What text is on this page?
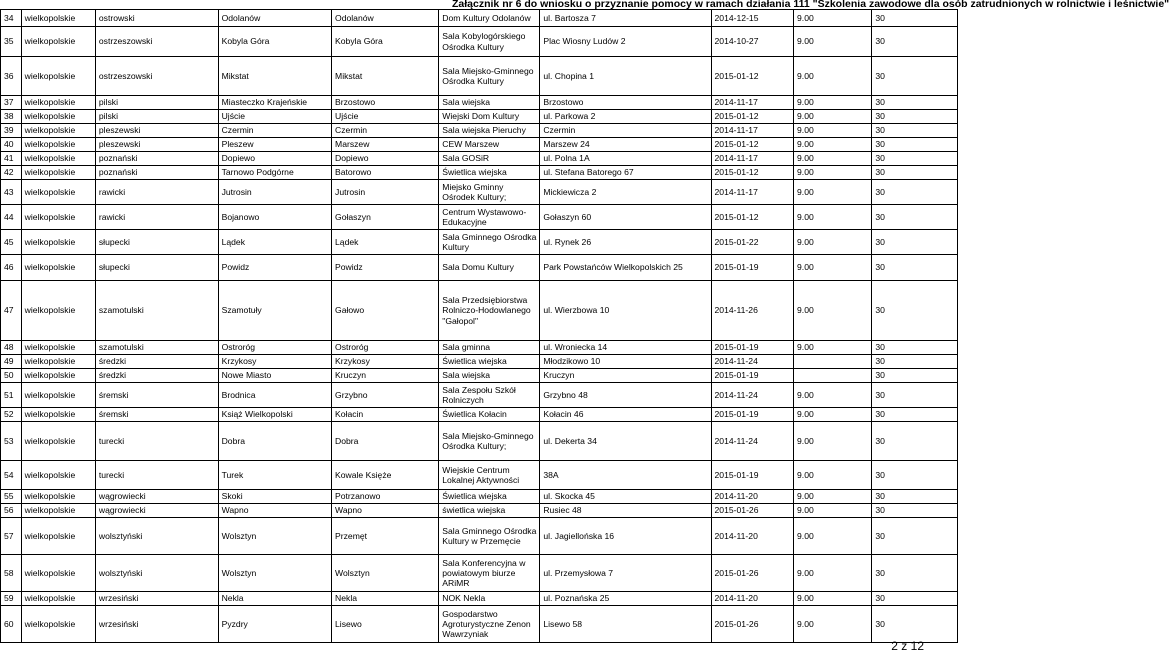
Załącznik nr 6 do wniosku o przyznanie pomocy w ramach działania 111 "Szkolenia zawodowe dla osób zatrudnionych w rolnictwie i leśnictwie"
34	wielkopolskie	ostrowski	Odolanów	Odolanów	Dom Kultury Odolanów	ul. Bartosza 7	2014-12-15	9.00	30
35	wielkopolskie	ostrzeszowski	Kobyla Góra	Kobyla Góra	Sala Kobylogórskiego Ośrodka Kultury	Plac Wiosny Ludów 2	2014-10-27	9.00	30
36	wielkopolskie	ostrzeszowski	Mikstat	Mikstat	Sala Miejsko-Gminnego Ośrodka Kultury	ul. Chopina 1	2015-01-12	9.00	30
37	wielkopolskie	pilski	Miasteczko Krajeńskie	Brzostowo	Sala wiejska	Brzostowo	2014-11-17	9.00	30
38	wielkopolskie	pilski	Ujście	Ujście	Wiejski Dom Kultury	ul. Parkowa 2	2015-01-12	9.00	30
39	wielkopolskie	pleszewski	Czermin	Czermin	Sala wiejska Pieruchy	Czermin	2014-11-17	9.00	30
40	wielkopolskie	pleszewski	Pleszew	Marszew	CEW Marszew	Marszew 24	2015-01-12	9.00	30
41	wielkopolskie	poznański	Dopiewo	Dopiewo	Sala GOSiR	ul. Polna 1A	2014-11-17	9.00	30
42	wielkopolskie	poznański	Tarnowo Podgórne	Batorowo	Świetlica wiejska	ul. Stefana Batorego 67	2015-01-12	9.00	30
43	wielkopolskie	rawicki	Jutrosin	Jutrosin	Miejsko Gminny Ośrodek Kultury;	Mickiewicza 2	2014-11-17	9.00	30
44	wielkopolskie	rawicki	Bojanowo	Gołaszyn	Centrum Wystawowo-Edukacyjne	Gołaszyn 60	2015-01-12	9.00	30
45	wielkopolskie	słupecki	Lądek	Lądek	Sala Gminnego Ośrodka Kultury	ul. Rynek 26	2015-01-22	9.00	30
46	wielkopolskie	słupecki	Powidz	Powidz	Sala Domu Kultury	Park Powstańców Wielkopolskich 25	2015-01-19	9.00	30
47	wielkopolskie	szamotulski	Szamotuły	Gałowo	Sala Przedsiębiorstwa Rolniczo-Hodowlanego "Gałopol"	ul. Wierzbowa 10	2014-11-26	9.00	30
48	wielkopolskie	szamotulski	Ostroróg	Ostroróg	Sala gminna	ul. Wroniecka 14	2015-01-19	9.00	30
49	wielkopolskie	średzki	Krzykosy	Krzykosy	Świetlica wiejska	Młodzikowo 10	2014-11-24		30
50	wielkopolskie	średzki	Nowe Miasto	Kruczyn	Sala wiejska	Kruczyn	2015-01-19		30
51	wielkopolskie	śremski	Brodnica	Grzybno	Sala Zespołu Szkół Rolniczych	Grzybno 48	2014-11-24	9.00	30
52	wielkopolskie	śremski	Książ Wielkopolski	Kołacin	Świetlica Kołacin	Kołacin 46	2015-01-19	9.00	30
53	wielkopolskie	turecki	Dobra	Dobra	Sala Miejsko-Gminnego Ośrodka Kultury;	ul. Dekerta 34	2014-11-24	9.00	30
54	wielkopolskie	turecki	Turek	Kowale Księże	Wiejskie Centrum Lokalnej Aktywności	38A	2015-01-19	9.00	30
55	wielkopolskie	wągrowiecki	Skoki	Potrzanowo	Świetlica wiejska	ul. Skocka 45	2014-11-20	9.00	30
56	wielkopolskie	wągrowiecki	Wapno	Wapno	świetlica wiejska	Rusiec 48	2015-01-26	9.00	30
57	wielkopolskie	wolsztyński	Wolsztyn	Przemęt	Sala Gminnego Ośrodka Kultury w Przemęcie	ul. Jagiellońska 16	2014-11-20	9.00	30
58	wielkopolskie	wolsztyński	Wolsztyn	Wolsztyn	Sala Konferencyjna w powiatowym biurze ARiMR	ul. Przemysłowa 7	2015-01-26	9.00	30
59	wielkopolskie	wrzesiński	Nekla	Nekla	NOK Nekla	ul. Poznańska 25	2014-11-20	9.00	30
60	wielkopolskie	wrzesiński	Pyzdry	Lisewo	Gospodarstwo Agroturystyczne Zenon Wawrzyniak	Lisewo 58	2015-01-26	9.00	30
2 z 12
